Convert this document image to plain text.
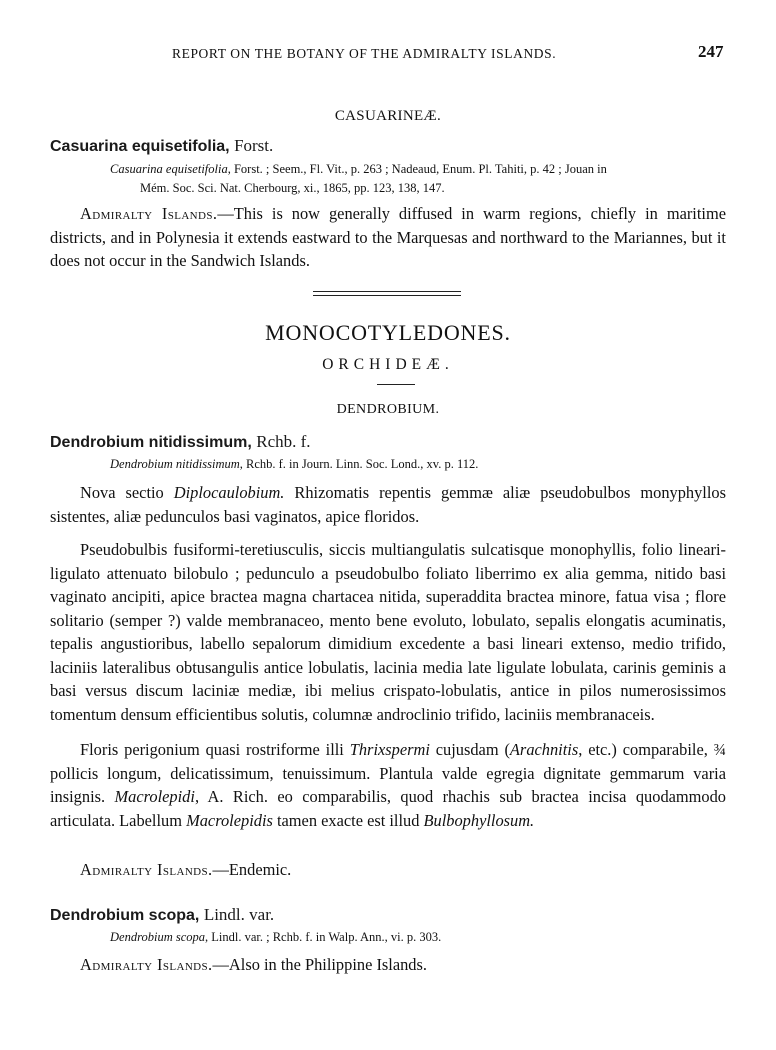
REPORT ON THE BOTANY OF THE ADMIRALTY ISLANDS.	247
CASUARINEÆ.
Casuarina equisetifolia, Forst.
Casuarina equisetifolia, Forst. ; Seem., Fl. Vit., p. 263 ; Nadeaud, Enum. Pl. Tahiti, p. 42 ; Jouan in
Mém. Soc. Sci. Nat. Cherbourg, xi., 1865, pp. 123, 138, 147.
Admiralty Islands.—This is now generally diffused in warm regions, chiefly in maritime districts, and in Polynesia it extends eastward to the Marquesas and northward to the Mariannes, but it does not occur in the Sandwich Islands.
MONOCOTYLEDONES.
ORCHIDEÆ.
DENDROBIUM.
Dendrobium nitidissimum, Rchb. f.
Dendrobium nitidissimum, Rchb. f. in Journ. Linn. Soc. Lond., xv. p. 112.
Nova sectio Diplocaulobium. Rhizomatis repentis gemmæ aliæ pseudobulbos monyphyllos sistentes, aliæ pedunculos basi vaginatos, apice floridos.
Pseudobulbis fusiformi-teretiusculis, siccis multiangulatis sulcatisque monophyllis, folio lineari-ligulato attenuato bilobulo ; pedunculo a pseudobulbo foliato liberrimo ex alia gemma, nitido basi vaginato ancipiti, apice bractea magna chartacea nitida, superaddita bractea minore, fatua visa ; flore solitario (semper ?) valde membranaceo, mento bene evoluto, lobulato, sepalis elongatis acuminatis, tepalis angustioribus, labello sepalorum dimidium excedente a basi lineari extenso, medio trifido, laciniis lateralibus obtusangulis antice lobulatis, lacinia media late ligulate lobulata, carinis geminis a basi versus discum laciniæ mediæ, ibi melius crispato-lobulatis, antice in pilos numerosissimos tomentum densum efficientibus solutis, columnæ androclinio trifido, laciniis membranaceis.
Floris perigonium quasi rostriforme illi Thrixspermi cujusdam (Arachnitis, etc.) comparabile, ¾ pollicis longum, delicatissimum, tenuissimum. Plantula valde egregia dignitate gemmarum varia insignis. Macrolepidi, A. Rich. eo comparabilis, quod rhachis sub bractea incisa quodammodo articulata. Labellum Macrolepidis tamen exacte est illud Bulbophyllosum.
Admiralty Islands.—Endemic.
Dendrobium scopa, Lindl. var.
Dendrobium scopa, Lindl. var. ; Rchb. f. in Walp. Ann., vi. p. 303.
Admiralty Islands.—Also in the Philippine Islands.
